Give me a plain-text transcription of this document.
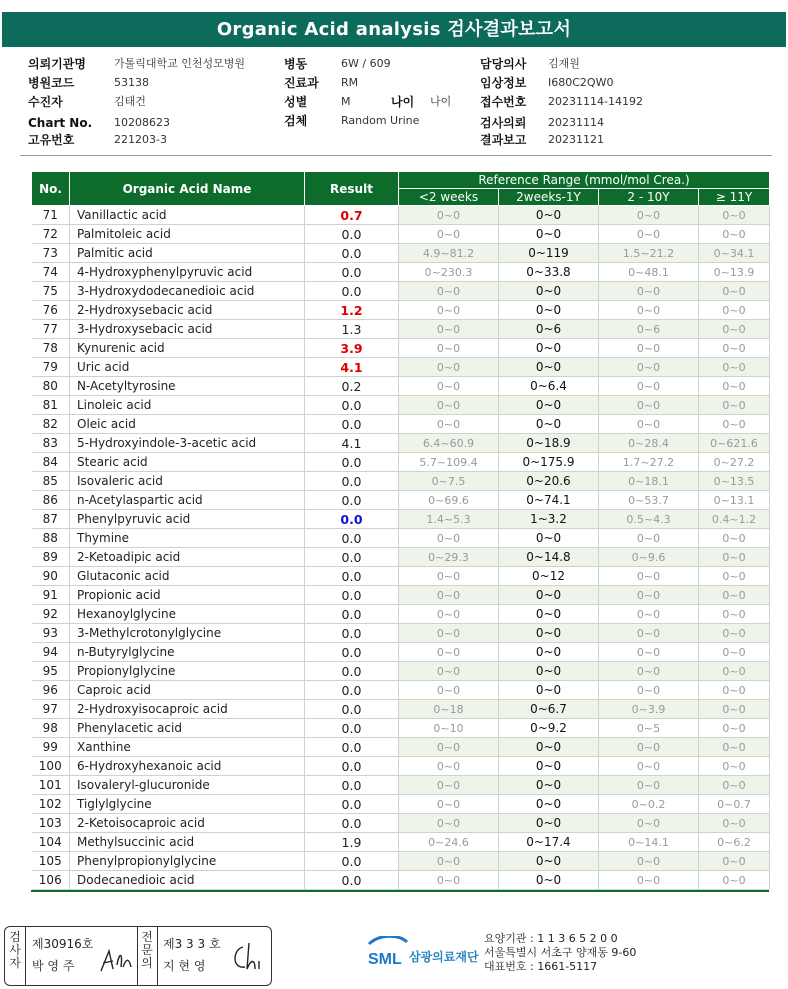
Organic Acid analysis 검사결과보고서
의뢰기관명	가톨릭대학교 인천성모병원
병원코드	53138
수진자	김태건
Chart No. 10208623
고유번호	221203-3
병동	6W / 609
진료과 RM
성별	M	나이 나이
검체	Random Urine
담당의사 김재원
임상정보 I680C2QW0
접수번호 20231114-14192
검사의뢰 20231114
결과보고 20231121
No.	Organic Acid Name	Result	Reference Range (mmol/mol Crea.)			
			<2 weeks	2weeks-1Y	2 - 10Y	≥ 11Y
71	Vanillactic acid	0.7	0~0	0~0	0~0	0~0
72	Palmitoleic acid	0.0	0~0	0~0	0~0	0~0
73	Palmitic acid	0.0	4.9~81.2	0~119	1.5~21.2	0~34.1
74	4-Hydroxyphenylpyruvic acid	0.0	0~230.3	0~33.8	0~48.1	0~13.9
75	3-Hydroxydodecanedioic acid	0.0	0~0	0~0	0~0	0~0
76	2-Hydroxysebacic acid	1.2	0~0	0~0	0~0	0~0
77	3-Hydroxysebacic acid	1.3	0~0	0~6	0~6	0~0
78	Kynurenic acid	3.9	0~0	0~0	0~0	0~0
79	Uric acid	4.1	0~0	0~0	0~0	0~0
80	N-Acetyltyrosine	0.2	0~0	0~6.4	0~0	0~0
81	Linoleic acid	0.0	0~0	0~0	0~0	0~0
82	Oleic acid	0.0	0~0	0~0	0~0	0~0
83	5-Hydroxyindole-3-acetic acid	4.1	6.4~60.9	0~18.9	0~28.4	0~621.6
84	Stearic acid	0.0	5.7~109.4	0~175.9	1.7~27.2	0~27.2
85	Isovaleric acid	0.0	0~7.5	0~20.6	0~18.1	0~13.5
86	n-Acetylaspartic acid	0.0	0~69.6	0~74.1	0~53.7	0~13.1
87	Phenylpyruvic acid	0.0	1.4~5.3	1~3.2	0.5~4.3	0.4~1.2
88	Thymine	0.0	0~0	0~0	0~0	0~0
89	2-Ketoadipic acid	0.0	0~29.3	0~14.8	0~9.6	0~0
90	Glutaconic acid	0.0	0~0	0~12	0~0	0~0
91	Propionic acid	0.0	0~0	0~0	0~0	0~0
92	Hexanoylglycine	0.0	0~0	0~0	0~0	0~0
93	3-Methylcrotonylglycine	0.0	0~0	0~0	0~0	0~0
94	n-Butyrylglycine	0.0	0~0	0~0	0~0	0~0
95	Propionylglycine	0.0	0~0	0~0	0~0	0~0
96	Caproic acid	0.0	0~0	0~0	0~0	0~0
97	2-Hydroxyisocaproic acid	0.0	0~18	0~6.7	0~3.9	0~0
98	Phenylacetic acid	0.0	0~10	0~9.2	0~5	0~0
99	Xanthine	0.0	0~0	0~0	0~0	0~0
100	6-Hydroxyhexanoic acid	0.0	0~0	0~0	0~0	0~0
101	Isovaleryl-glucuronide	0.0	0~0	0~0	0~0	0~0
102	Tiglylglycine	0.0	0~0	0~0	0~0.2	0~0.7
103	2-Ketoisocaproic acid	0.0	0~0	0~0	0~0	0~0
104	Methylsuccinic acid	1.9	0~24.6	0~17.4	0~14.1	0~6.2
105	Phenylpropionylglycine	0.0	0~0	0~0	0~0	0~0
106	Dodecanedioic acid	0.0	0~0	0~0	0~0	0~0
검사자
제30916호
박 영 주
전문의
제3 3 3 호
지 현 영	SML 삼광의료재단
요양기관 : 1 1 3 6 5 2 0 0
서울특별시 서초구 양재동 9-60
대표번호 : 1661-5117
